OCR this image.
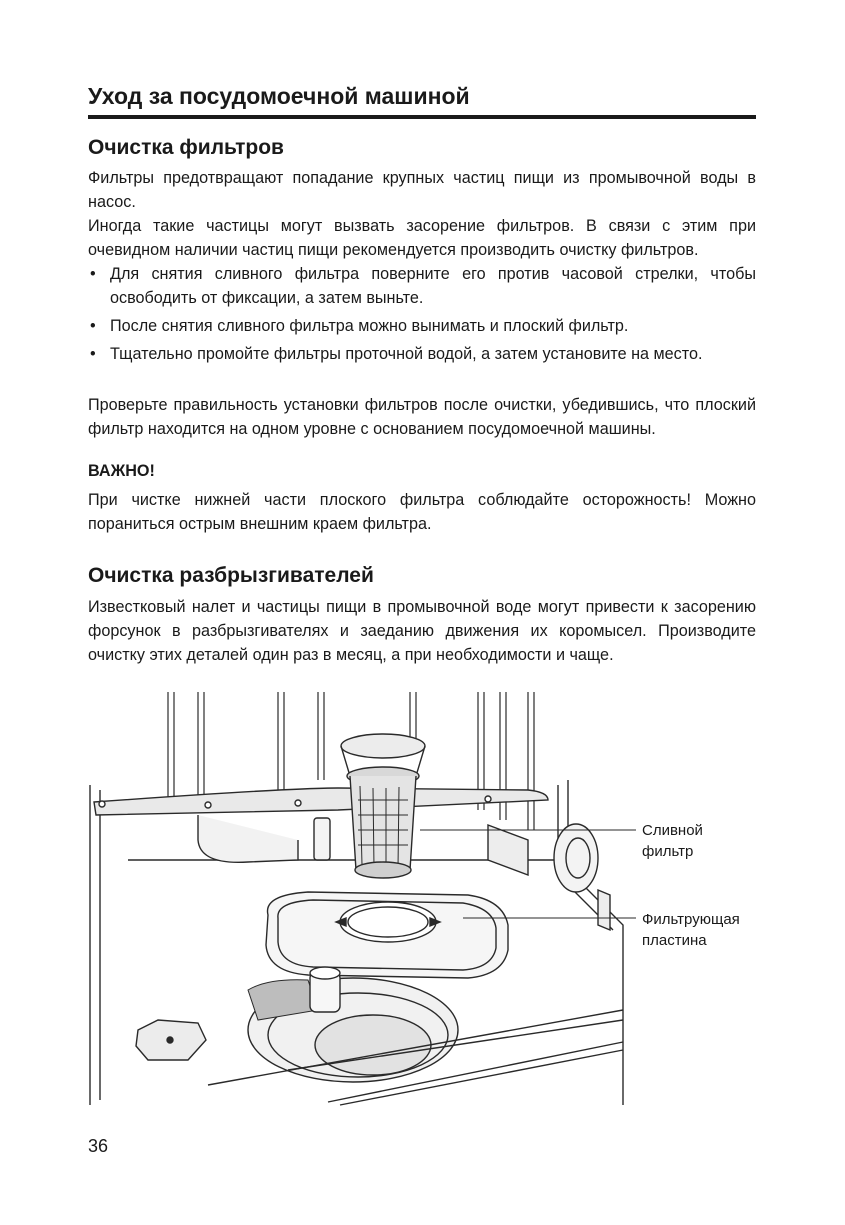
Уход за посудомоечной машиной
Очистка фильтров

Фильтры предотвращают попадание крупных частиц пищи из промывочной воды в насос.

Иногда такие частицы могут вызвать засорение фильтров. В связи с этим при очевидном наличии частиц пищи рекомендуется производить очистку фильтров.

• Для снятия сливного фильтра поверните его против часовой стрелки, чтобы освободить от фиксации, а затем выньте.
• После снятия сливного фильтра можно вынимать и плоский фильтр.
• Тщательно промойте фильтры проточной водой, а затем установите на место.

Проверьте правильность установки фильтров после очистки, убедившись, что плоский фильтр находится на одном уровне с основанием посудомоечной машины.

ВАЖНО!

При чистке нижней части плоского фильтра соблюдайте осторожность! Можно пораниться острым внешним краем фильтра.

Очистка разбрызгивателей

Известковый налет и частицы пищи в промывочной воде могут привести к засорению форсунок в разбрызгивателях и заеданию движения их коромысел. Производите очистку этих деталей один раз в месяц, а при необходимости и чаще.

Сливной
фильтр
Фильтрующая
пластина
36
